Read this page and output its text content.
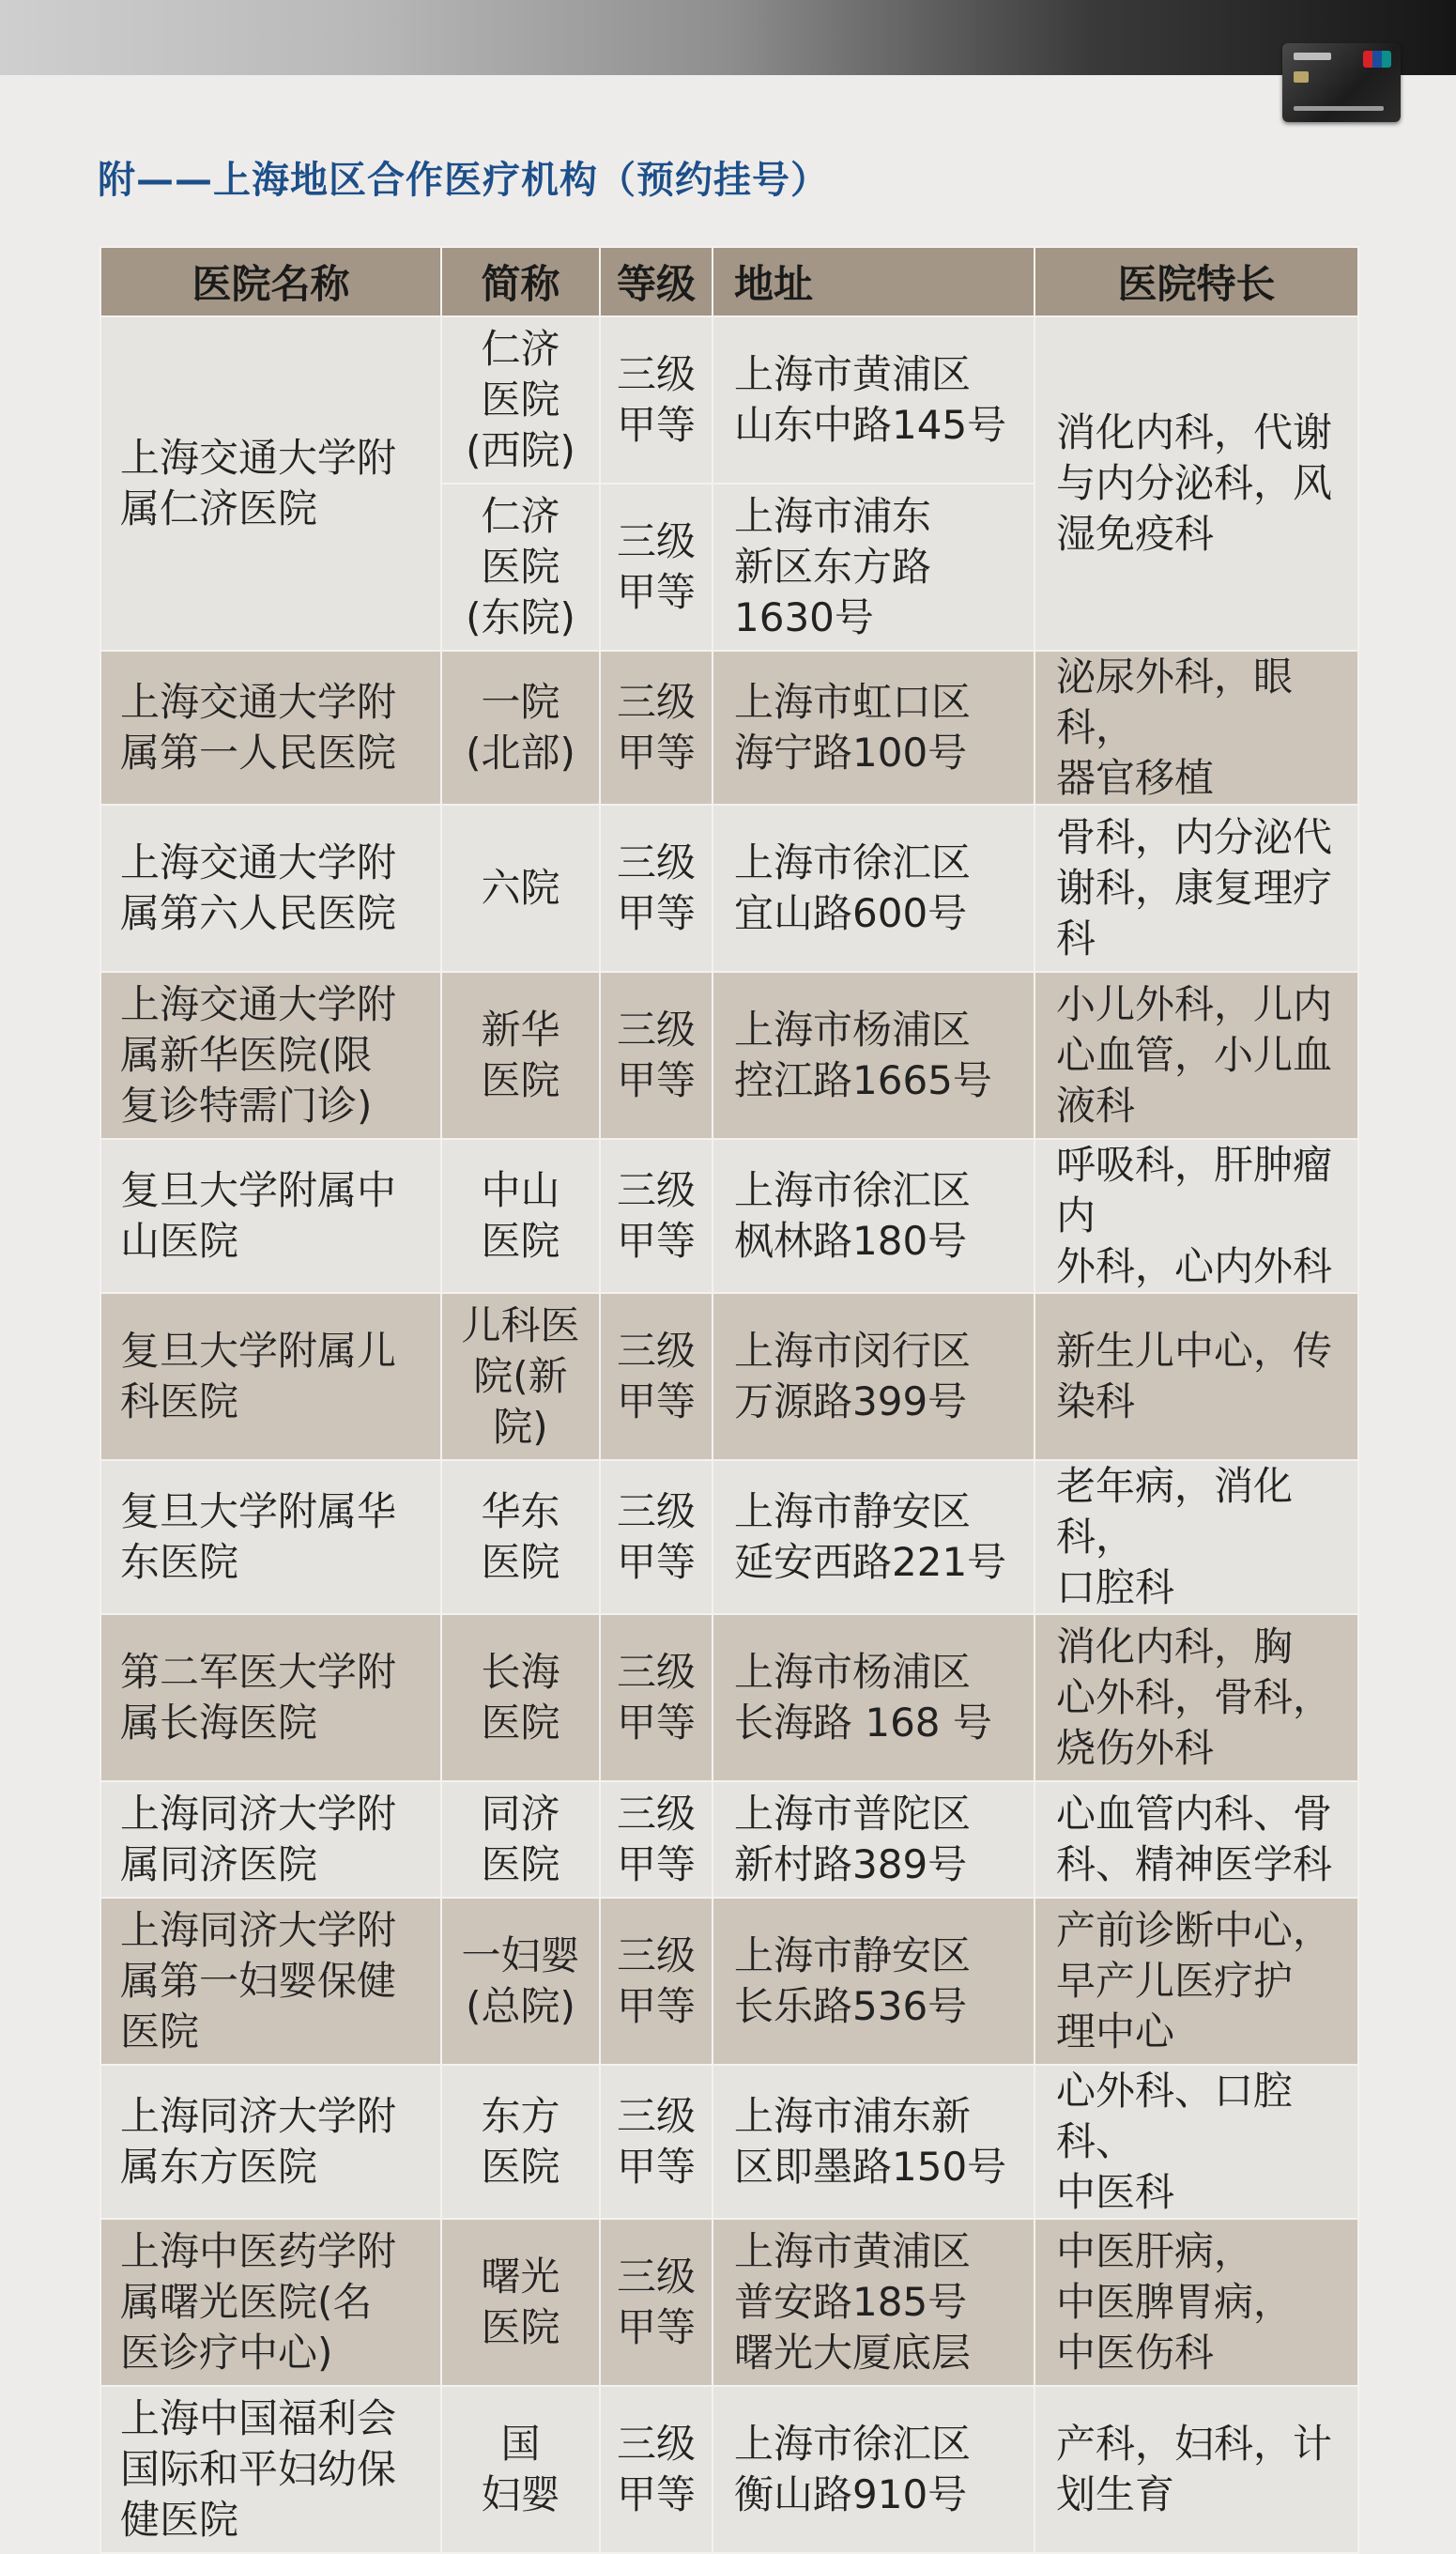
附——上海地区合作医疗机构（预约挂号）
医院名称	简称	等级	地址	医院特长

上海交通大学附
属仁济医院	仁济
医院
(西院)	三级
甲等	上海市黄浦区
山东中路145号	消化内科，代谢
与内分泌科，风
湿免疫科

	仁济
医院
(东院)	三级
甲等	上海市浦东
新区东方路
1630号	

上海交通大学附
属第一人民医院	一院
(北部)	三级
甲等	上海市虹口区
海宁路100号	泌尿外科，眼科，
器官移植

上海交通大学附
属第六人民医院	六院	三级
甲等	上海市徐汇区
宜山路600号	骨科，内分泌代
谢科，康复理疗
科

上海交通大学附
属新华医院(限
复诊特需门诊)	新华
医院	三级
甲等	上海市杨浦区
控江路1665号	小儿外科，儿内
心血管，小儿血
液科

复旦大学附属中
山医院	中山
医院	三级
甲等	上海市徐汇区
枫林路180号	呼吸科，肝肿瘤内
外科，心内外科

复旦大学附属儿
科医院	儿科医
院(新
院)	三级
甲等	上海市闵行区
万源路399号	新生儿中心，传
染科

复旦大学附属华
东医院	华东
医院	三级
甲等	上海市静安区
延安西路221号	老年病，消化科，
口腔科

第二军医大学附
属长海医院	长海
医院	三级
甲等	上海市杨浦区
长海路 168 号	消化内科，胸
心外科，骨科，
烧伤外科

上海同济大学附
属同济医院	同济
医院	三级
甲等	上海市普陀区
新村路389号	心血管内科、骨
科、精神医学科

上海同济大学附
属第一妇婴保健
医院	一妇婴
(总院)	三级
甲等	上海市静安区
长乐路536号	产前诊断中心，
早产儿医疗护
理中心

上海同济大学附
属东方医院	东方
医院	三级
甲等	上海市浦东新
区即墨路150号	心外科、口腔科、
中医科

上海中医药学附
属曙光医院(名
医诊疗中心)	曙光
医院	三级
甲等	上海市黄浦区
普安路185号
曙光大厦底层	中医肝病，
中医脾胃病，
中医伤科

上海中国福利会
国际和平妇幼保
健医院	国
妇婴	三级
甲等	上海市徐汇区
衡山路910号	产科，妇科，计
划生育
